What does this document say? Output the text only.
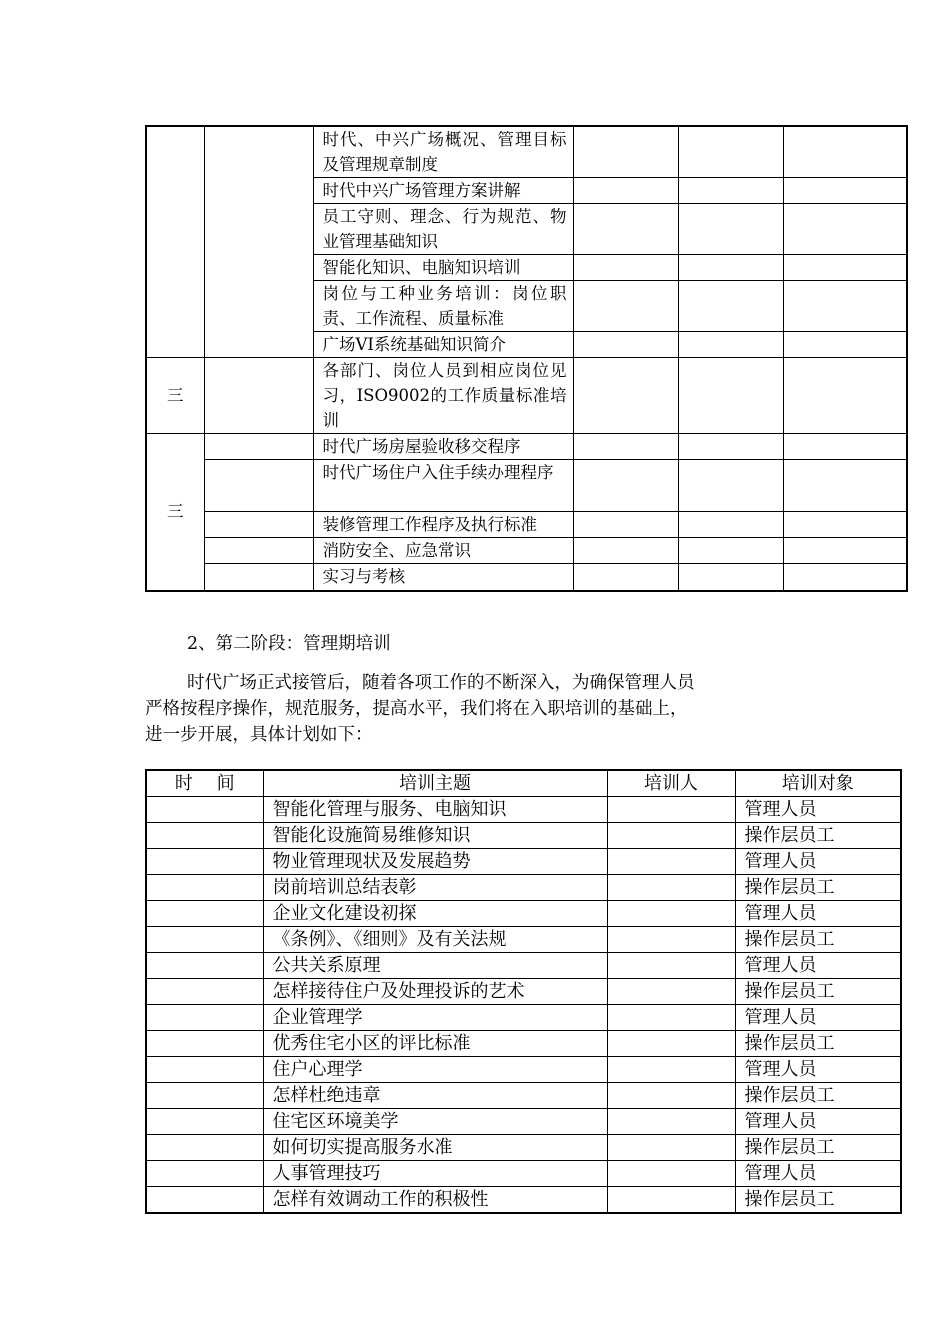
		时代、中兴广场概况、管理目标及管理规章制度			
		时代中兴广场管理方案讲解			
		员工守则、理念、行为规范、物业管理基础知识			
		智能化知识、电脑知识培训			
		岗位与工种业务培训：岗位职责、工作流程、质量标准			
		广场VI系统基础知识简介			
三		各部门、岗位人员到相应岗位见习，ISO9002的工作质量标准培训			
三		时代广场房屋验收移交程序			
		时代广场住户入住手续办理程序			
		装修管理工作程序及执行标准			
		消防安全、应急常识			
		实习与考核			
2、第二阶段：管理期培训
时代广场正式接管后，随着各项工作的不断深入，为确保管理人员
严格按程序操作，规范服务，提高水平，我们将在入职培训的基础上，
进一步开展，具体计划如下：
时　 间	培训主题	培训人	培训对象
	智能化管理与服务、电脑知识		管理人员
	智能化设施简易维修知识		操作层员工
	物业管理现状及发展趋势		管理人员
	岗前培训总结表彰		操作层员工
	企业文化建设初探		管理人员
	《条例》、《细则》及有关法规		操作层员工
	公共关系原理		管理人员
	怎样接待住户及处理投诉的艺术		操作层员工
	企业管理学		管理人员
	优秀住宅小区的评比标准		操作层员工
	住户心理学		管理人员
	怎样杜绝违章		操作层员工
	住宅区环境美学		管理人员
	如何切实提高服务水准		操作层员工
	人事管理技巧		管理人员
	怎样有效调动工作的积极性		操作层员工
